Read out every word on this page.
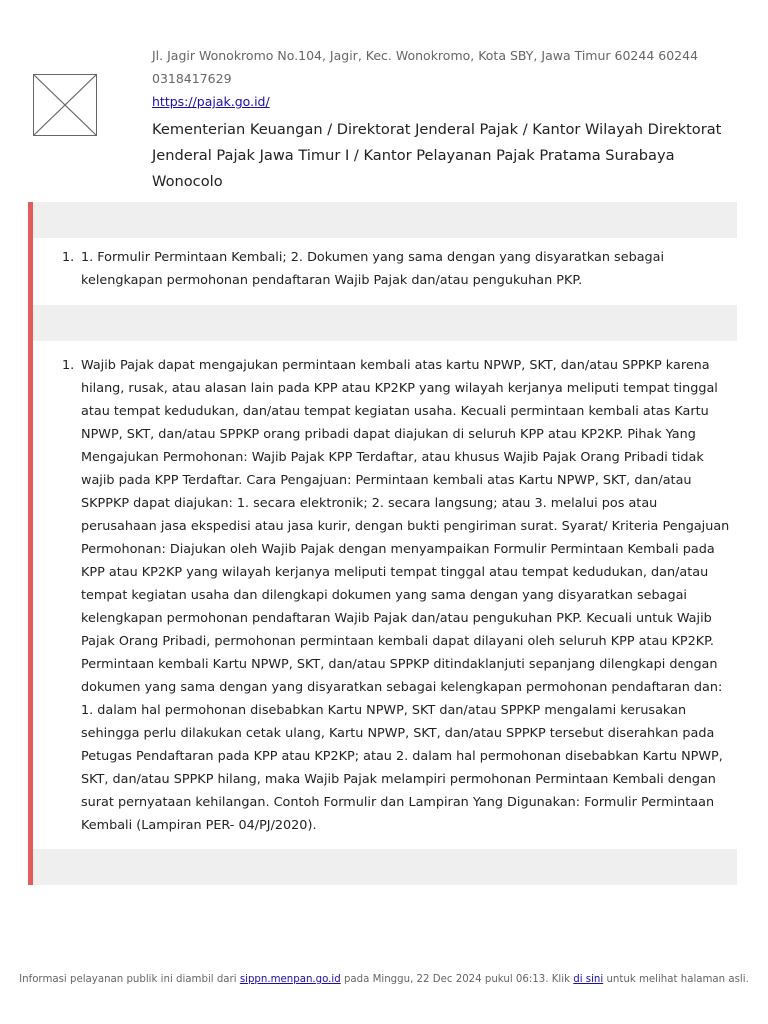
Jl. Jagir Wonokromo No.104, Jagir, Kec. Wonokromo, Kota SBY, Jawa Timur 60244 60244
0318417629
https://pajak.go.id/
Kementerian Keuangan / Direktorat Jenderal Pajak / Kantor Wilayah Direktorat Jenderal Pajak Jawa Timur I / Kantor Pelayanan Pajak Pratama Surabaya Wonocolo
1. 1. Formulir Permintaan Kembali; 2. Dokumen yang sama dengan yang disyaratkan sebagai kelengkapan permohonan pendaftaran Wajib Pajak dan/atau pengukuhan PKP.
1. Wajib Pajak dapat mengajukan permintaan kembali atas kartu NPWP, SKT, dan/atau SPPKP karena hilang, rusak, atau alasan lain pada KPP atau KP2KP yang wilayah kerjanya meliputi tempat tinggal atau tempat kedudukan, dan/atau tempat kegiatan usaha. Kecuali permintaan kembali atas Kartu NPWP, SKT, dan/atau SPPKP orang pribadi dapat diajukan di seluruh KPP atau KP2KP. Pihak Yang Mengajukan Permohonan: Wajib Pajak KPP Terdaftar, atau khusus Wajib Pajak Orang Pribadi tidak wajib pada KPP Terdaftar. Cara Pengajuan: Permintaan kembali atas Kartu NPWP, SKT, dan/atau SKPPKP dapat diajukan: 1. secara elektronik; 2. secara langsung; atau 3. melalui pos atau perusahaan jasa ekspedisi atau jasa kurir, dengan bukti pengiriman surat. Syarat/ Kriteria Pengajuan Permohonan: Diajukan oleh Wajib Pajak dengan menyampaikan Formulir Permintaan Kembali pada KPP atau KP2KP yang wilayah kerjanya meliputi tempat tinggal atau tempat kedudukan, dan/atau tempat kegiatan usaha dan dilengkapi dokumen yang sama dengan yang disyaratkan sebagai kelengkapan permohonan pendaftaran Wajib Pajak dan/atau pengukuhan PKP. Kecuali untuk Wajib Pajak Orang Pribadi, permohonan permintaan kembali dapat dilayani oleh seluruh KPP atau KP2KP. Permintaan kembali Kartu NPWP, SKT, dan/atau SPPKP ditindaklanjuti sepanjang dilengkapi dengan dokumen yang sama dengan yang disyaratkan sebagai kelengkapan permohonan pendaftaran dan: 1. dalam hal permohonan disebabkan Kartu NPWP, SKT dan/atau SPPKP mengalami kerusakan sehingga perlu dilakukan cetak ulang, Kartu NPWP, SKT, dan/atau SPPKP tersebut diserahkan pada Petugas Pendaftaran pada KPP atau KP2KP; atau 2. dalam hal permohonan disebabkan Kartu NPWP, SKT, dan/atau SPPKP hilang, maka Wajib Pajak melampiri permohonan Permintaan Kembali dengan surat pernyataan kehilangan. Contoh Formulir dan Lampiran Yang Digunakan: Formulir Permintaan Kembali (Lampiran PER- 04/PJ/2020).
Informasi pelayanan publik ini diambil dari sippn.menpan.go.id pada Minggu, 22 Dec 2024 pukul 06:13. Klik di sini untuk melihat halaman asli.
